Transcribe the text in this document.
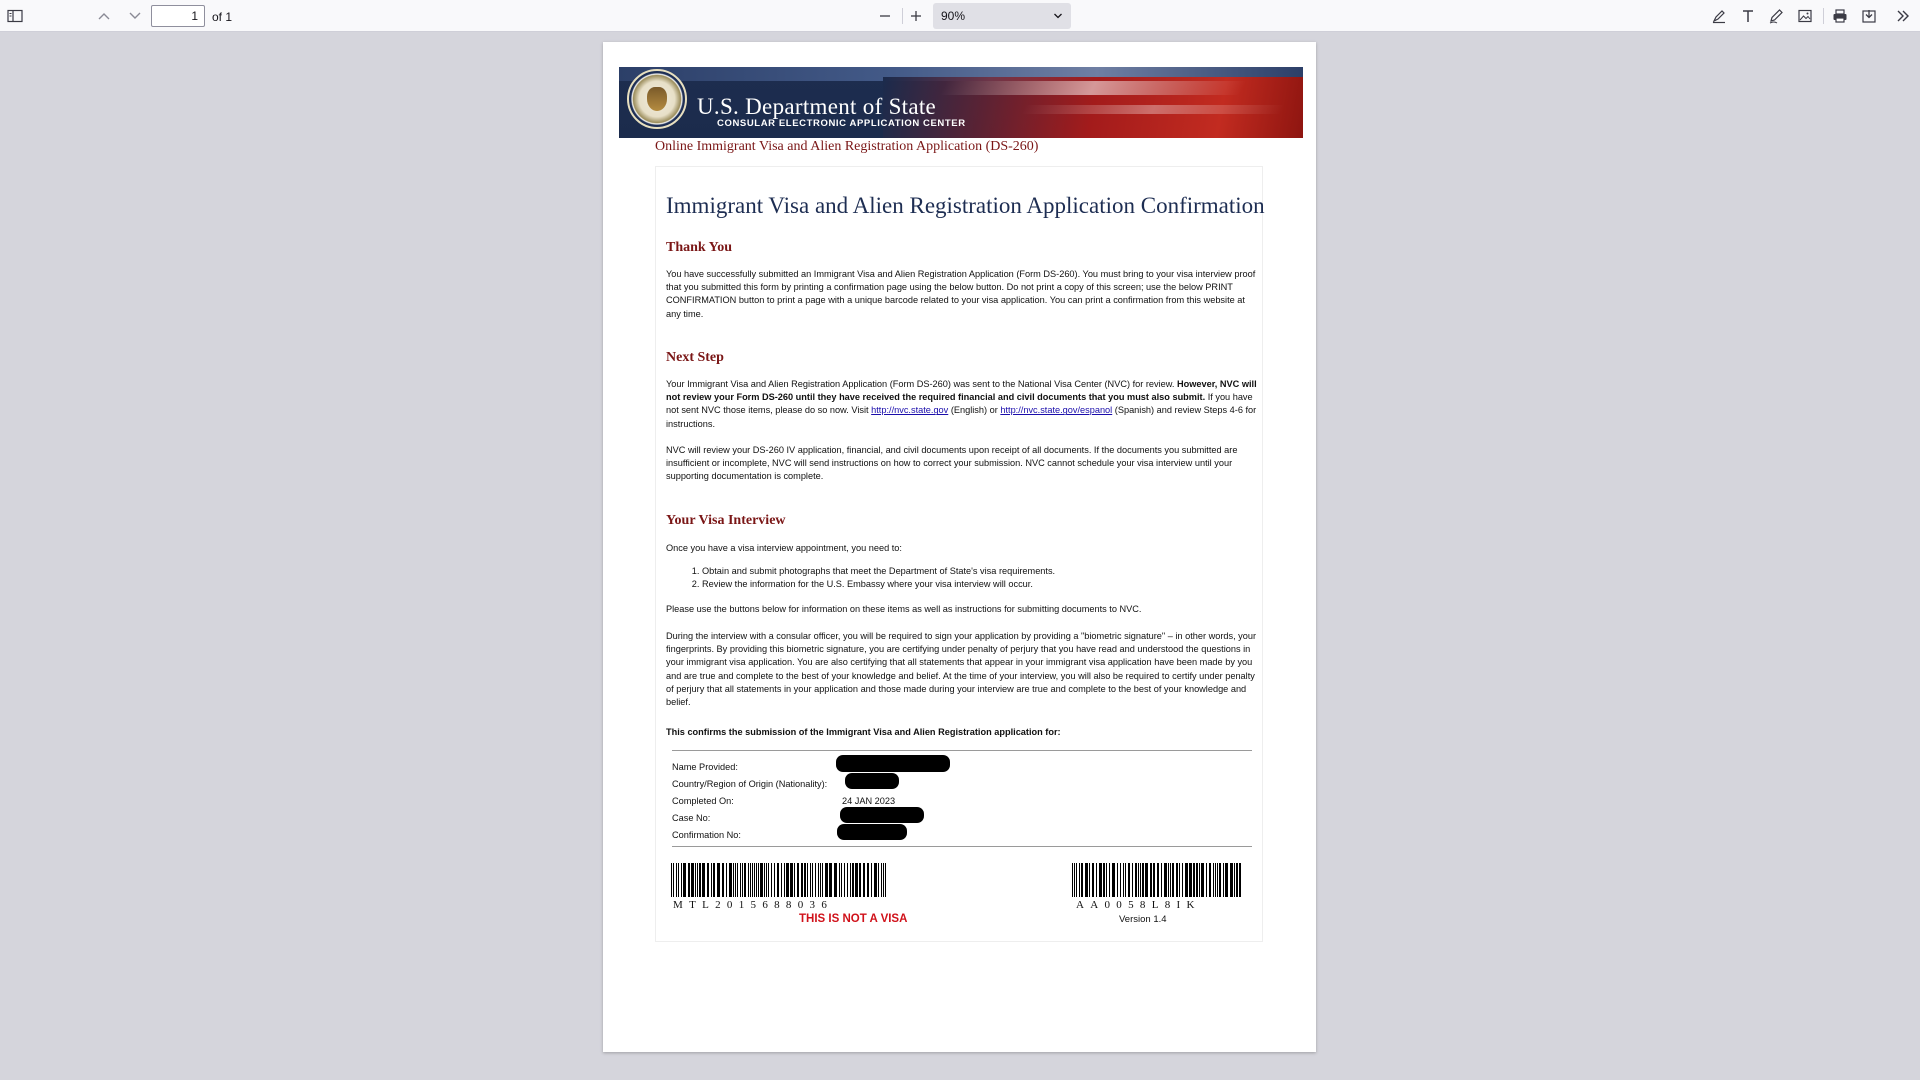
1
of 1	90%
U.S. Department of State
CONSULAR ELECTRONIC APPLICATION CENTER
Online Immigrant Visa and Alien Registration Application (DS-260)
Immigrant Visa and Alien Registration Application Confirmation
Thank You
You have successfully submitted an Immigrant Visa and Alien Registration Application (Form DS-260). You must bring to your visa interview proof that you submitted this form by printing a confirmation page using the below button. Do not print a copy of this screen; use the below PRINT CONFIRMATION button to print a page with a unique barcode related to your visa application. You can print a confirmation from this website at any time.
Next Step
Your Immigrant Visa and Alien Registration Application (Form DS-260) was sent to the National Visa Center (NVC) for review. However, NVC will not review your Form DS-260 until they have received the required financial and civil documents that you must also submit. If you have not sent NVC those items, please do so now. Visit http://nvc.state.gov (English) or http://nvc.state.gov/espanol (Spanish) and review Steps 4-6 for instructions.
NVC will review your DS-260 IV application, financial, and civil documents upon receipt of all documents. If the documents you submitted are insufficient or incomplete, NVC will send instructions on how to correct your submission. NVC cannot schedule your visa interview until your supporting documentation is complete.
Your Visa Interview
Once you have a visa interview appointment, you need to:
1. Obtain and submit photographs that meet the Department of State's visa requirements.
2. Review the information for the U.S. Embassy where your visa interview will occur.
Please use the buttons below for information on these items as well as instructions for submitting documents to NVC.
During the interview with a consular officer, you will be required to sign your application by providing a "biometric signature" – in other words, your fingerprints. By providing this biometric signature, you are certifying under penalty of perjury that you have read and understood the questions in your immigrant visa application. You are also certifying that all statements that appear in your immigrant visa application have been made by you and are true and complete to the best of your knowledge and belief. At the time of your interview, you will also be required to certify under penalty of perjury that all statements in your application and those made during your interview are true and complete to the best of your knowledge and belief.
This confirms the submission of the Immigrant Visa and Alien Registration application for:
Name Provided:
Country/Region of Origin (Nationality):
Completed On:	24 JAN 2023
Case No:
Confirmation No:
MTL2015688036	AA0058L8IK
THIS IS NOT A VISA	Version 1.4
